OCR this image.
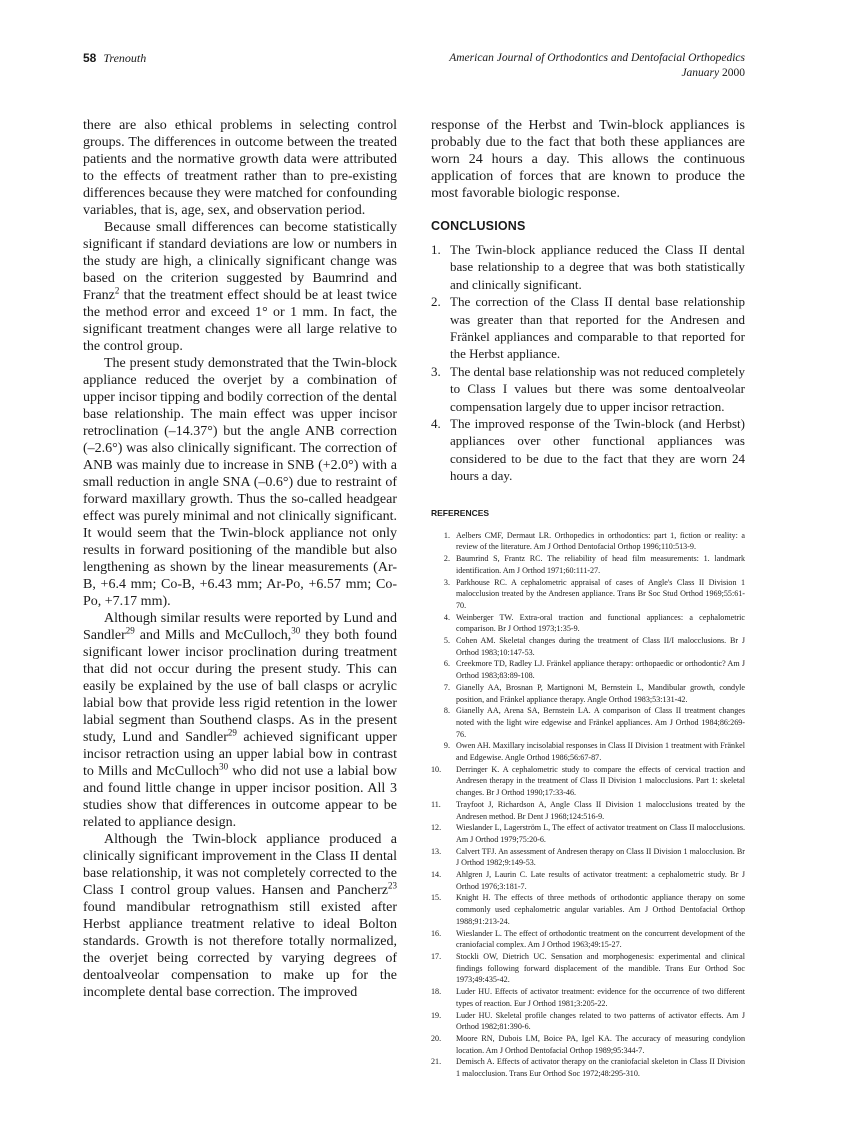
58 Trenouth	American Journal of Orthodontics and Dentofacial Orthopedics
January 2000

there are also ethical problems in selecting control groups. The differences in outcome between the treated patients and the normative growth data were attributed to the effects of treatment rather than to pre-existing differences because they were matched for confounding variables, that is, age, sex, and observation period.

Because small differences can become statistically significant if standard deviations are low or numbers in the study are high, a clinically significant change was based on the criterion suggested by Baumrind and Franz$^2$ that the treatment effect should be at least twice the method error and exceed 1° or 1 mm. In fact, the significant treatment changes were all large relative to the control group.

The present study demonstrated that the Twin-block appliance reduced the overjet by a combination of upper incisor tipping and bodily correction of the dental base relationship. The main effect was upper incisor retroclination (–14.37°) but the angle ANB correction (–2.6°) was also clinically significant. The correction of ANB was mainly due to increase in SNB (+2.0°) with a small reduction in angle SNA (–0.6°) due to restraint of forward maxillary growth. Thus the so-called headgear effect was purely minimal and not clinically significant. It would seem that the Twin-block appliance not only results in forward positioning of the mandible but also lengthening as shown by the linear measurements (Ar-B, +6.4 mm; Co-B, +6.43 mm; Ar-Po, +6.57 mm; Co-Po, +7.17 mm).

Although similar results were reported by Lund and Sandler$^{29}$ and Mills and McCulloch,$^{30}$ they both found significant lower incisor proclination during treatment that did not occur during the present study. This can easily be explained by the use of ball clasps or acrylic labial bow that provide less rigid retention in the lower labial segment than Southend clasps. As in the present study, Lund and Sandler$^{29}$ achieved significant upper incisor retraction using an upper labial bow in contrast to Mills and McCulloch$^{30}$ who did not use a labial bow and found little change in upper incisor position. All 3 studies show that differences in outcome appear to be related to appliance design.

Although the Twin-block appliance produced a clinically significant improvement in the Class II dental base relationship, it was not completely corrected to the Class I control group values. Hansen and Pancherz$^{23}$ found mandibular retrognathism still existed after Herbst appliance treatment relative to ideal Bolton standards. Growth is not therefore totally normalized, the overjet being corrected by varying degrees of dentoalveolar compensation to make up for the incomplete dental base correction. The improved

response of the Herbst and Twin-block appliances is probably due to the fact that both these appliances are worn 24 hours a day. This allows the continuous application of forces that are known to produce the most favorable biologic response.

CONCLUSIONS
1. The Twin-block appliance reduced the Class II dental base relationship to a degree that was both statistically and clinically significant.
2. The correction of the Class II dental base relationship was greater than that reported for the Andresen and Fränkel appliances and comparable to that reported for the Herbst appliance.
3. The dental base relationship was not reduced completely to Class I values but there was some dentoalveolar compensation largely due to upper incisor retraction.
4. The improved response of the Twin-block (and Herbst) appliances over other functional appliances was considered to be due to the fact that they are worn 24 hours a day.
REFERENCES
1. Aelbers CMF, Dermaut LR. Orthopedics in orthodontics: part 1, fiction or reality: a review of the literature. Am J Orthod Dentofacial Orthop 1996;110:513-9.
2. Baumrind S, Frantz RC. The reliability of head film measurements: 1. landmark identification. Am J Orthod 1971;60:111-27.
3. Parkhouse RC. A cephalometric appraisal of cases of Angle's Class II Division 1 malocclusion treated by the Andresen appliance. Trans Br Soc Stud Orthod 1969;55:61-70.
4. Weinberger TW. Extra-oral traction and functional appliances: a cephalometric comparison. Br J Orthod 1973;1:35-9.
5. Cohen AM. Skeletal changes during the treatment of Class II/I malocclusions. Br J Orthod 1983;10:147-53.
6. Creekmore TD, Radley LJ. Fränkel appliance therapy: orthopaedic or orthodontic? Am J Orthod 1983;83:89-108.
7. Gianelly AA, Brosnan P, Martignoni M, Bernstein L, Mandibular growth, condyle position, and Fränkel appliance therapy. Angle Orthod 1983;53:131-42.
8. Gianelly AA, Arena SA, Bernstein LA. A comparison of Class II treatment changes noted with the light wire edgewise and Fränkel appliances. Am J Orthod 1984;86:269-76.
9. Owen AH. Maxillary incisolabial responses in Class II Division 1 treatment with Fränkel and Edgewise. Angle Orthod 1986;56:67-87.
10.	Derringer K. A cephalometric study to compare the effects of cervical traction and Andresen therapy in the treatment of Class II Division 1 malocclusions. Part 1: skeletal changes. Br J Orthod 1990;17:33-46.
11.	Trayfoot J, Richardson A, Angle Class II Division 1 malocclusions treated by the Andresen method. Br Dent J 1968;124:516-9.
12.	Wieslander L, Lagerström L, The effect of activator treatment on Class II malocclusions. Am J Orthod 1979;75:20-6.
13.	Calvert TFJ. An assessment of Andresen therapy on Class II Division 1 malocclusion. Br J Orthod 1982;9:149-53.
14.	Ahlgren J, Laurin C. Late results of activator treatment: a cephalometric study. Br J Orthod 1976;3:181-7.
15.	Knight H. The effects of three methods of orthodontic appliance therapy on some commonly used cephalometric angular variables. Am J Orthod Dentofacial Orthop 1988;91:213-24.
16.	Wieslander L. The effect of orthodontic treatment on the concurrent development of the craniofacial complex. Am J Orthod 1963;49:15-27.
17.	Stockli OW, Dietrich UC. Sensation and morphogenesis: experimental and clinical findings following forward displacement of the mandible. Trans Eur Orthod Soc 1973;49:435-42.
18.	Luder HU. Effects of activator treatment: evidence for the occurrence of two different types of reaction. Eur J Orthod 1981;3:205-22.
19.	Luder HU. Skeletal profile changes related to two patterns of activator effects. Am J Orthod 1982;81:390-6.
20.	Moore RN, Dubois LM, Boice PA, Igel KA. The accuracy of measuring condylion location. Am J Orthod Dentofacial Orthop 1989;95:344-7.
21.	Demisch A. Effects of activator therapy on the craniofacial skeleton in Class II Division 1 malocclusion. Trans Eur Orthod Soc 1972;48:295-310.
